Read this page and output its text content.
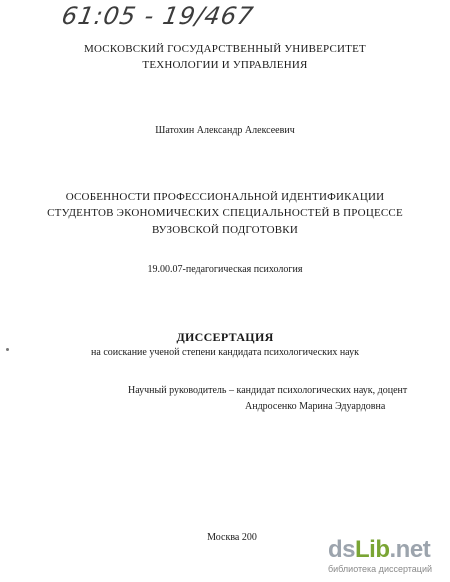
61:05 - 19/467
МОСКОВСКИЙ ГОСУДАРСТВЕННЫЙ УНИВЕРСИТЕТ
ТЕХНОЛОГИИ И УПРАВЛЕНИЯ
Шатохин Александр Алексеевич
ОСОБЕННОСТИ ПРОФЕССИОНАЛЬНОЙ ИДЕНТИФИКАЦИИ
СТУДЕНТОВ ЭКОНОМИЧЕСКИХ СПЕЦИАЛЬНОСТЕЙ В ПРОЦЕССЕ
ВУЗОВСКОЙ ПОДГОТОВКИ
19.00.07-педагогическая психология
ДИССЕРТАЦИЯ
на соискание ученой степени кандидата психологических наук
Научный руководитель – кандидат психологических наук, доцент
Андросенко Марина Эдуардовна
Москва 200	dsLib.net
библиотека диссертаций
